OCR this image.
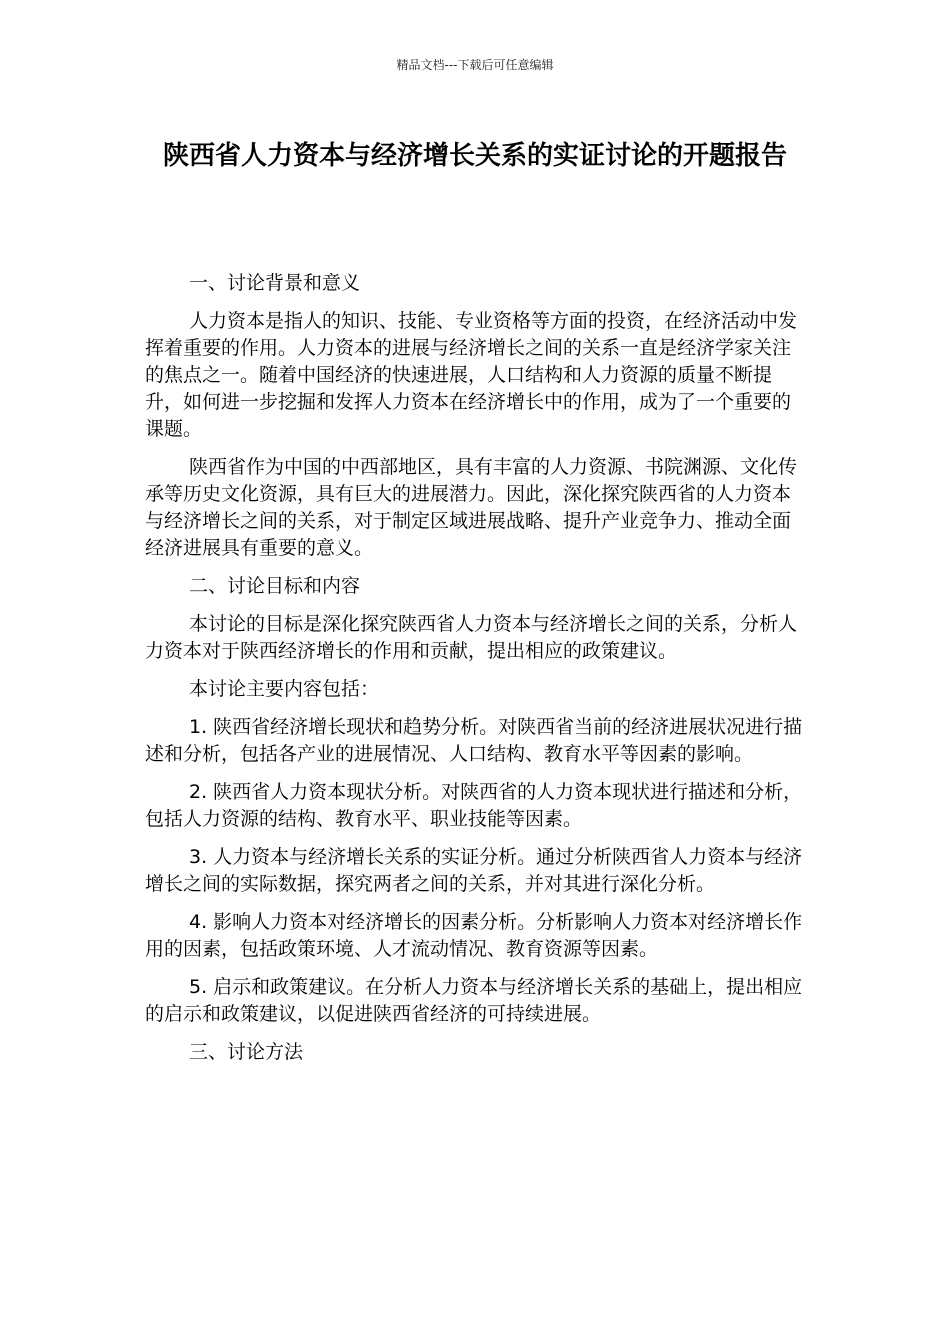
精品文档---下载后可任意编辑
陕西省人力资本与经济增长关系的实证讨论的开题报告

一、讨论背景和意义

人力资本是指人的知识、技能、专业资格等方面的投资，在经济活动中发挥着重要的作用。人力资本的进展与经济增长之间的关系一直是经济学家关注的焦点之一。随着中国经济的快速进展，人口结构和人力资源的质量不断提升，如何进一步挖掘和发挥人力资本在经济增长中的作用，成为了一个重要的课题。

陕西省作为中国的中西部地区，具有丰富的人力资源、书院渊源、文化传承等历史文化资源，具有巨大的进展潜力。因此，深化探究陕西省的人力资本与经济增长之间的关系，对于制定区域进展战略、提升产业竞争力、推动全面经济进展具有重要的意义。

二、讨论目标和内容

本讨论的目标是深化探究陕西省人力资本与经济增长之间的关系，分析人力资本对于陕西经济增长的作用和贡献，提出相应的政策建议。

本讨论主要内容包括：

1. 陕西省经济增长现状和趋势分析。对陕西省当前的经济进展状况进行描述和分析，包括各产业的进展情况、人口结构、教育水平等因素的影响。

2. 陕西省人力资本现状分析。对陕西省的人力资本现状进行描述和分析，包括人力资源的结构、教育水平、职业技能等因素。

3. 人力资本与经济增长关系的实证分析。通过分析陕西省人力资本与经济增长之间的实际数据，探究两者之间的关系，并对其进行深化分析。

4. 影响人力资本对经济增长的因素分析。分析影响人力资本对经济增长作用的因素，包括政策环境、人才流动情况、教育资源等因素。

5. 启示和政策建议。在分析人力资本与经济增长关系的基础上，提出相应的启示和政策建议，以促进陕西省经济的可持续进展。

三、讨论方法
